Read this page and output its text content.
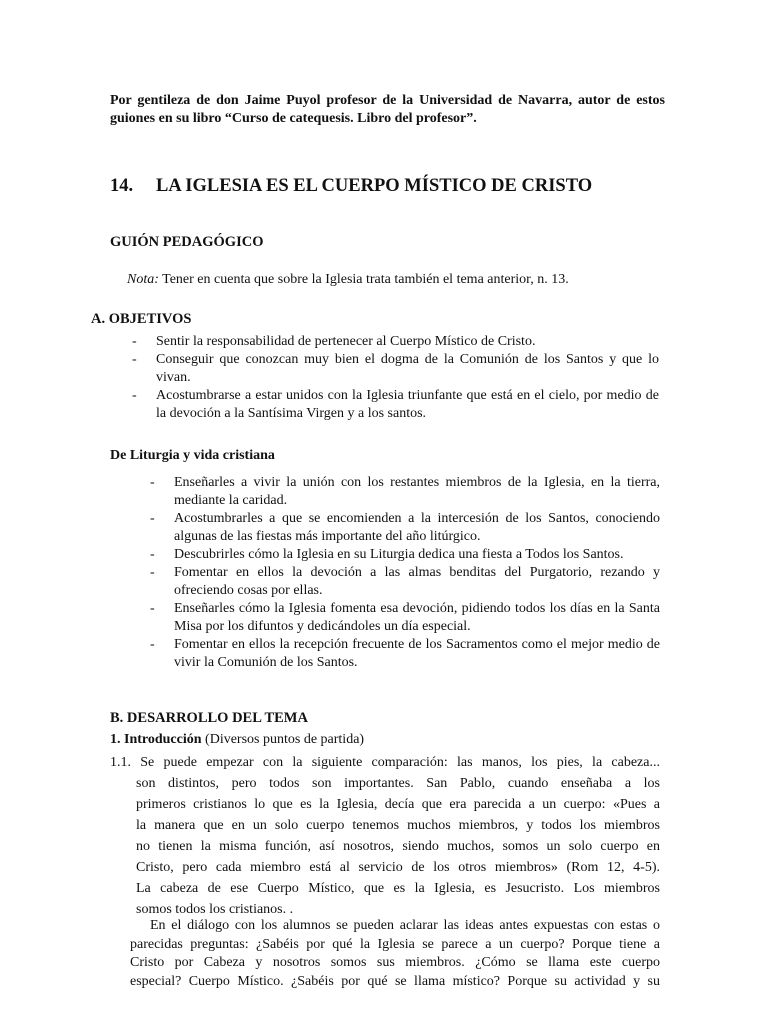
Por gentileza de don Jaime Puyol profesor de la Universidad de Navarra, autor de estos guiones en su libro “Curso de catequesis. Libro del profesor”.
14. LA IGLESIA ES EL CUERPO MÍSTICO DE CRISTO
GUIÓN PEDAGÓGICO
Nota: Tener en cuenta que sobre la Iglesia trata también el tema anterior, n. 13.
A. OBJETIVOS
- Sentir la responsabilidad de pertenecer al Cuerpo Místico de Cristo.
- Conseguir que conozcan muy bien el dogma de la Comunión de los Santos y que lo vivan.
- Acostumbrarse a estar unidos con la Iglesia triunfante que está en el cielo, por medio de la devoción a la Santísima Virgen y a los santos.
De Liturgia y vida cristiana
- Enseñarles a vivir la unión con los restantes miembros de la Iglesia, en la tierra, mediante la caridad.
- Acostumbrarles a que se encomienden a la intercesión de los Santos, conociendo algunas de las fiestas más importante del año litúrgico.
- Descubrirles cómo la Iglesia en su Liturgia dedica una fiesta a Todos los Santos.
- Fomentar en ellos la devoción a las almas benditas del Purgatorio, rezando y ofreciendo cosas por ellas.
- Enseñarles cómo la Iglesia fomenta esa devoción, pidiendo todos los días en la Santa Misa por los difuntos y dedicándoles un día especial.
- Fomentar en ellos la recepción frecuente de los Sacramentos como el mejor medio de vivir la Comunión de los Santos.
B. DESARROLLO DEL TEMA
1. Introducción (Diversos puntos de partida)
1.1. Se puede empezar con la siguiente comparación: las manos, los pies, la cabeza...
son distintos, pero todos son importantes. San Pablo, cuando enseñaba a los
primeros cristianos lo que es la Iglesia, decía que era parecida a un cuerpo: «Pues a
la manera que en un solo cuerpo tenemos muchos miembros, y todos los miembros
no tienen la misma función, así nosotros, siendo muchos, somos un solo cuerpo en
Cristo, pero cada miembro está al servicio de los otros miembros» (Rom 12, 4-5).
La cabeza de ese Cuerpo Místico, que es la Iglesia, es Jesucristo. Los miembros
somos todos los cristianos. .
En el diálogo con los alumnos se pueden aclarar las ideas antes expuestas con estas o
parecidas preguntas: ¿Sabéis por qué la Iglesia se parece a un cuerpo? Porque tiene a
Cristo por Cabeza y nosotros somos sus miembros. ¿Cómo se llama este cuerpo
especial? Cuerpo Místico. ¿Sabéis por qué se llama místico? Porque su actividad y su
